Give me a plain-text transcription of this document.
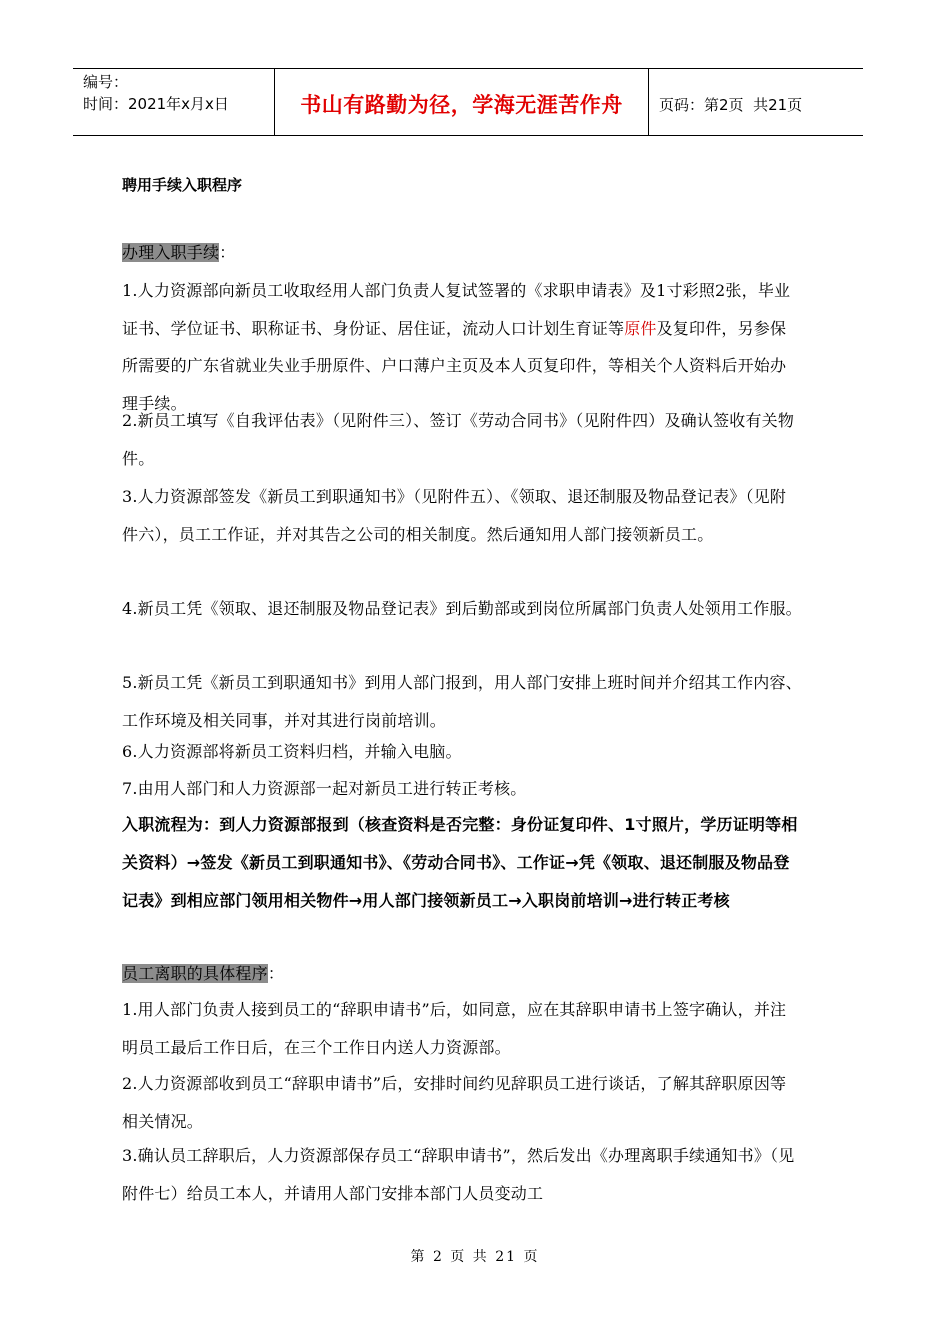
编号：
时间：2021年x月x日	书山有路勤为径，学海无涯苦作舟	页码：第2页  共21页
聘用手续入职程序
办理入职手续：
1.人力资源部向新员工收取经用人部门负责人复试签署的《求职申请表》及1寸彩照2张，毕业证书、学位证书、职称证书、身份证、居住证，流动人口计划生育证等原件及复印件，另参保所需要的广东省就业失业手册原件、户口薄户主页及本人页复印件，等相关个人资料后开始办理手续。
2.新员工填写《自我评估表》（见附件三）、签订《劳动合同书》（见附件四）及确认签收有关物件。
3.人力资源部签发《新员工到职通知书》（见附件五）、《领取、退还制服及物品登记表》（见附件六），员工工作证，并对其告之公司的相关制度。然后通知用人部门接领新员工。
4.新员工凭《领取、退还制服及物品登记表》到后勤部或到岗位所属部门负责人处领用工作服。
5.新员工凭《新员工到职通知书》到用人部门报到，用人部门安排上班时间并介绍其工作内容、工作环境及相关同事，并对其进行岗前培训。
6.人力资源部将新员工资料归档，并输入电脑。
7.由用人部门和人力资源部一起对新员工进行转正考核。
入职流程为：到人力资源部报到（核查资料是否完整：身份证复印件、1寸照片，学历证明等相关资料）→签发《新员工到职通知书》、《劳动合同书》、工作证→凭《领取、退还制服及物品登记表》到相应部门领用相关物件→用人部门接领新员工→入职岗前培训→进行转正考核
员工离职的具体程序：
1.用人部门负责人接到员工的“辞职申请书”后，如同意，应在其辞职申请书上签字确认，并注明员工最后工作日后，在三个工作日内送人力资源部。
2.人力资源部收到员工“辞职申请书”后，安排时间约见辞职员工进行谈话，了解其辞职原因等相关情况。
3.确认员工辞职后，人力资源部保存员工“辞职申请书”，然后发出《办理离职手续通知书》（见附件七）给员工本人，并请用人部门安排本部门人员变动工
第 2 页 共 21 页
